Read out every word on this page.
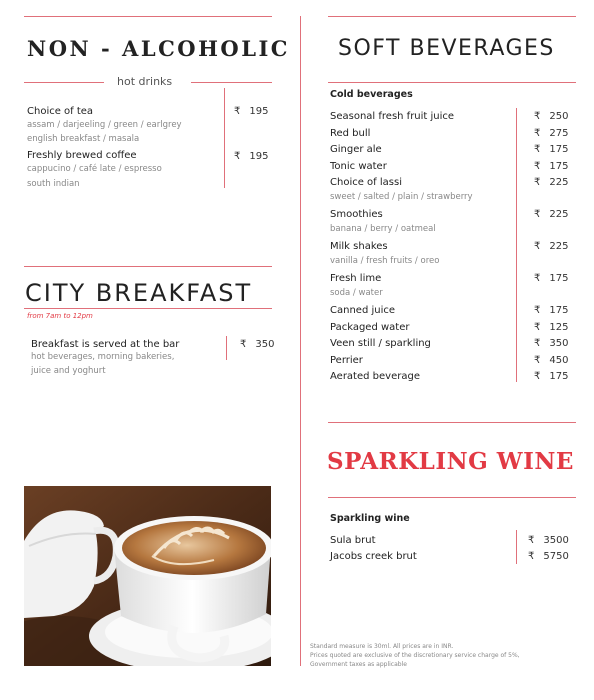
NON - ALCOHOLIC
hot drinks
Choice of tea
assam / darjeeling / green / earlgrey
english breakfast / masala
₹ 195
Freshly brewed coffee
cappucino / café late / espresso
south indian
₹ 195
CITY BREAKFAST
from 7am to 12pm
Breakfast is served at the bar
hot beverages, morning bakeries,
juice and yoghurt
₹ 350
SOFT BEVERAGES
Cold beverages
Seasonal fresh fruit juice	₹ 250
Red bull	₹ 275
Ginger ale	₹ 175
Tonic water	₹ 175
Choice of lassi	₹ 225
sweet / salted / plain / strawberry
Smoothies	₹ 225
banana / berry / oatmeal
Milk shakes	₹ 225
vanilla / fresh fruits / oreo
Fresh lime	₹ 175
soda / water
Canned juice	₹ 175
Packaged water	₹ 125
Veen still / sparkling	₹ 350
Perrier	₹ 450
Aerated beverage	₹ 175
SPARKLING WINE
Sparkling wine
Sula brut	₹ 3500
Jacobs creek brut	₹ 5750
Standard measure is 30ml. All prices are in INR.
Prices quoted are exclusive of the discretionary service charge of 5%,
Government taxes as applicable
